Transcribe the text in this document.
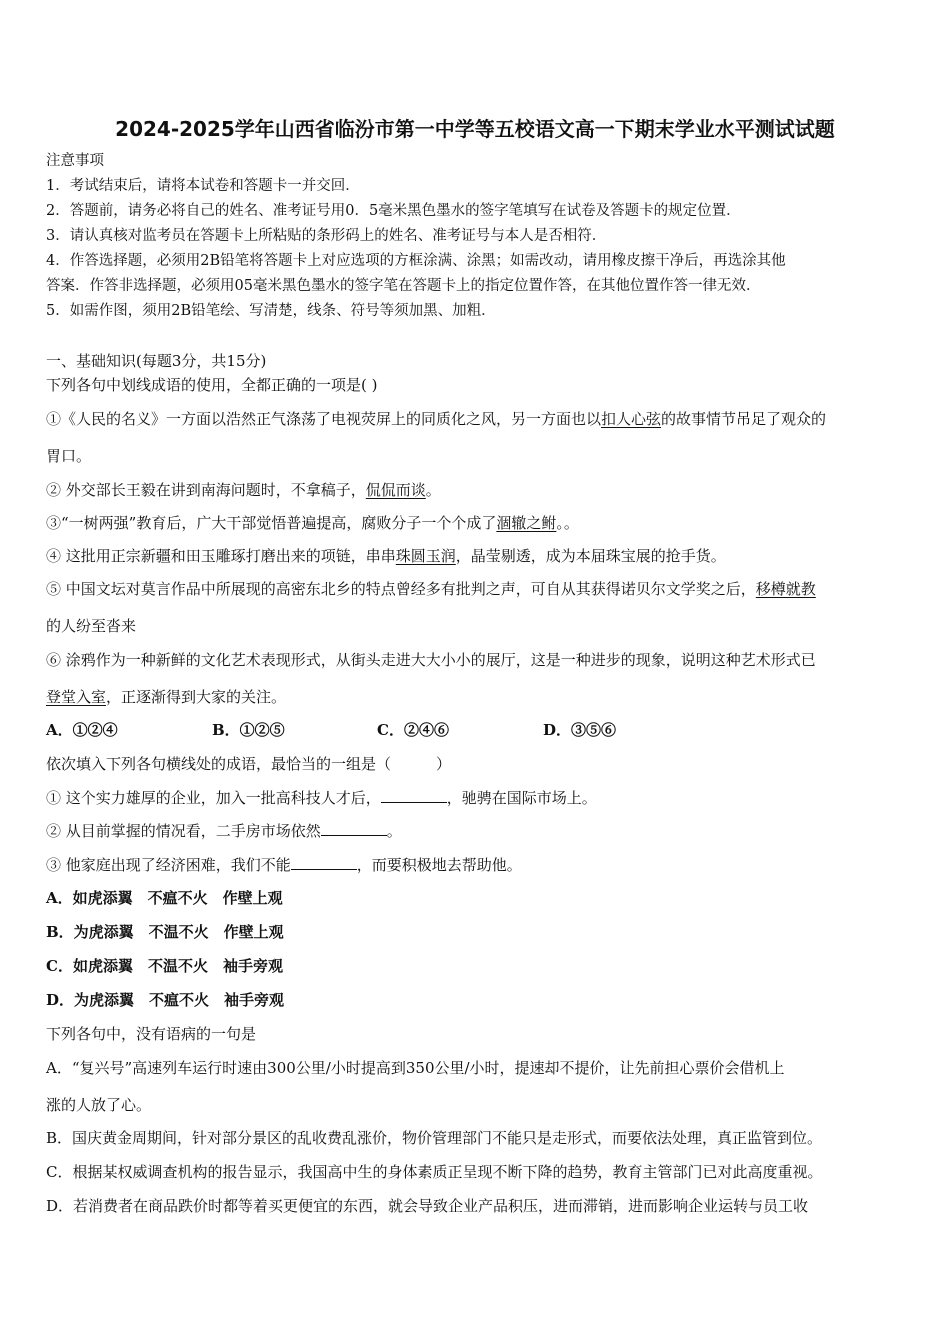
2024-2025学年山西省临汾市第一中学等五校语文高一下期末学业水平测试试题
注意事项
1．考试结束后，请将本试卷和答题卡一并交回．
2．答题前，请务必将自己的姓名、准考证号用0．5毫米黑色墨水的签字笔填写在试卷及答题卡的规定位置．
3．请认真核对监考员在答题卡上所粘贴的条形码上的姓名、准考证号与本人是否相符．
4．作答选择题，必须用2B铅笔将答题卡上对应选项的方框涂满、涂黑；如需改动，请用橡皮擦干净后，再选涂其他
答案．作答非选择题，必须用05毫米黑色墨水的签字笔在答题卡上的指定位置作答，在其他位置作答一律无效．
5．如需作图，须用2B铅笔绘、写清楚，线条、符号等须加黑、加粗．
一、基础知识(每题3分，共15分)
下列各句中划线成语的使用，全都正确的一项是( )
①《人民的名义》一方面以浩然正气涤荡了电视荧屏上的同质化之风，另一方面也以扣人心弦的故事情节吊足了观众的
胃口。
② 外交部长王毅在讲到南海问题时，不拿稿子，侃侃而谈。
③“一树两强”教育后，广大干部觉悟普遍提高，腐败分子一个个成了涸辙之鲋。。
④ 这批用正宗新疆和田玉雕琢打磨出来的项链，串串珠圆玉润，晶莹剔透，成为本届珠宝展的抢手货。
⑤ 中国文坛对莫言作品中所展现的高密东北乡的特点曾经多有批判之声，可自从其获得诺贝尔文学奖之后，移樽就教
的人纷至沓来
⑥ 涂鸦作为一种新鲜的文化艺术表现形式，从街头走进大大小小的展厅，这是一种进步的现象，说明这种艺术形式已
登堂入室，正逐渐得到大家的关注。
A．①②④	B．①②⑤	C．②④⑥	D．③⑤⑥
依次填入下列各句横线处的成语，最恰当的一组是（　　　）
① 这个实力雄厚的企业，加入一批高科技人才后，	，驰骋在国际市场上。
② 从目前掌握的情况看，二手房市场依然	。
③ 他家庭出现了经济困难，我们不能	，而要积极地去帮助他。
A．如虎添翼　不瘟不火　作壁上观
B．为虎添翼　不温不火　作壁上观
C．如虎添翼　不温不火　袖手旁观
D．为虎添翼　不瘟不火　袖手旁观
下列各句中，没有语病的一句是
A．“复兴号”高速列车运行时速由300公里/小时提高到350公里/小时，提速却不提价，让先前担心票价会借机上
涨的人放了心。
B．国庆黄金周期间，针对部分景区的乱收费乱涨价，物价管理部门不能只是走形式，而要依法处理，真正监管到位。
C．根据某权威调查机构的报告显示，我国高中生的身体素质正呈现不断下降的趋势，教育主管部门已对此高度重视。
D．若消费者在商品跌价时都等着买更便宜的东西，就会导致企业产品积压，进而滞销，进而影响企业运转与员工收
